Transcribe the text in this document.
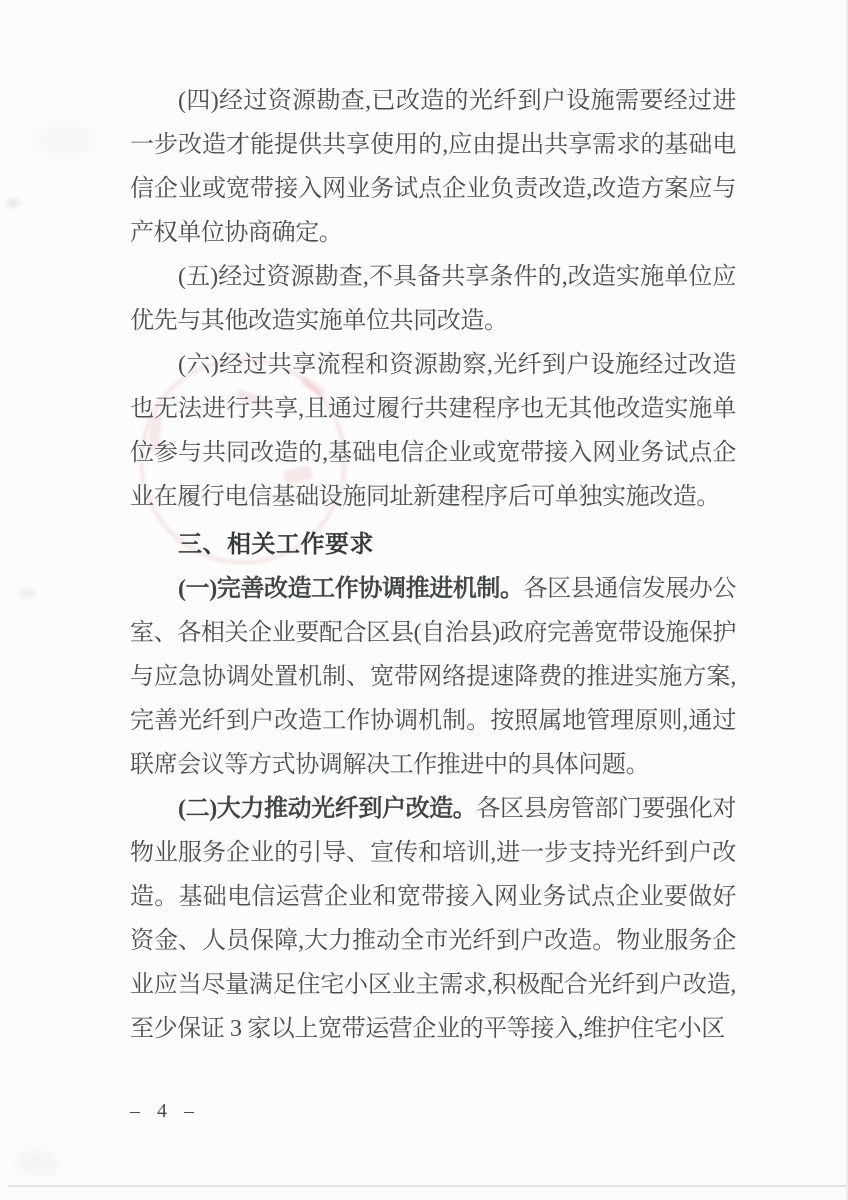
(四)经过资源勘查,已改造的光纤到户设施需要经过进一步改造才能提供共享使用的,应由提出共享需求的基础电信企业或宽带接入网业务试点企业负责改造,改造方案应与产权单位协商确定。

(五)经过资源勘查,不具备共享条件的,改造实施单位应优先与其他改造实施单位共同改造。

(六)经过共享流程和资源勘察,光纤到户设施经过改造也无法进行共享,且通过履行共建程序也无其他改造实施单位参与共同改造的,基础电信企业或宽带接入网业务试点企业在履行电信基础设施同址新建程序后可单独实施改造。

三、相关工作要求

(一)完善改造工作协调推进机制。各区县通信发展办公室、各相关企业要配合区县(自治县)政府完善宽带设施保护与应急协调处置机制、宽带网络提速降费的推进实施方案,完善光纤到户改造工作协调机制。按照属地管理原则,通过联席会议等方式协调解决工作推进中的具体问题。

(二)大力推动光纤到户改造。各区县房管部门要强化对物业服务企业的引导、宣传和培训,进一步支持光纤到户改造。基础电信运营企业和宽带接入网业务试点企业要做好资金、人员保障,大力推动全市光纤到户改造。物业服务企业应当尽量满足住宅小区业主需求,积极配合光纤到户改造,至少保证 3 家以上宽带运营企业的平等接入,维护住宅小区

– 4 –
